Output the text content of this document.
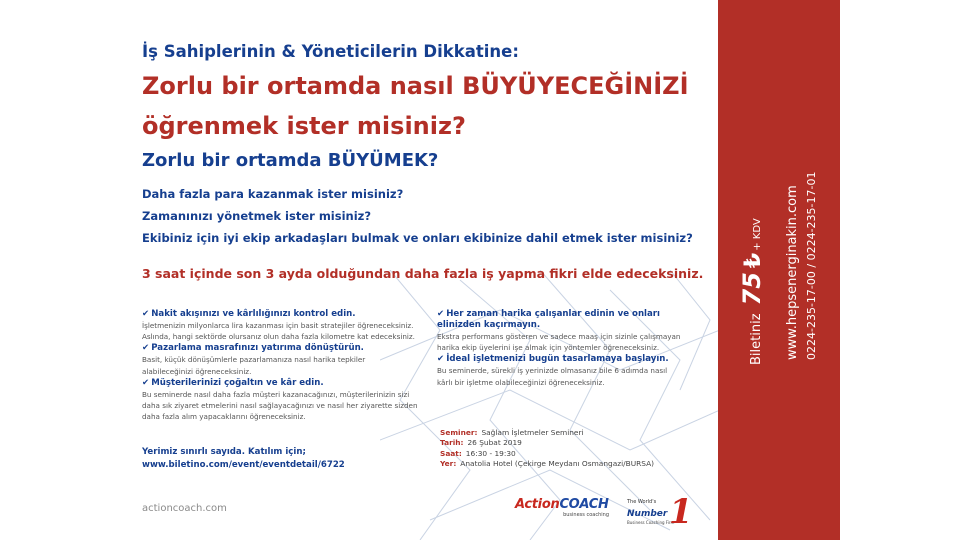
İş Sahiplerinin & Yöneticilerin Dikkatine:
Zorlu bir ortamda nasıl BÜYÜYECEĞİNİZİ
öğrenmek ister misiniz?
Zorlu bir ortamda BÜYÜMEK?
Daha fazla para kazanmak ister misiniz?
Zamanınızı yönetmek ister misiniz?
Ekibiniz için iyi ekip arkadaşları bulmak ve onları ekibinize dahil etmek ister misiniz?
3 saat içinde son 3 ayda olduğundan daha fazla iş yapma fikri elde edeceksiniz.
✔ Nakit akışınızı ve kârlılığınızı kontrol edin.
İşletmenizin milyonlarca lira kazanması için basit stratejiler öğreneceksiniz.
Aslında, hangi sektörde olursanız olun daha fazla kilometre kat edeceksiniz.
✔ Pazarlama masrafınızı yatırıma dönüştürün.
Basit, küçük dönüşümlerle pazarlamanıza nasıl harika tepkiler
alabileceğinizi öğreneceksiniz.
✔ Müşterilerinizi çoğaltın ve kâr edin.
Bu seminerde nasıl daha fazla müşteri kazanacağınızı, müşterilerinizin sizi
daha sık ziyaret etmelerini nasıl sağlayacağınızı ve nasıl her ziyarette sizden
daha fazla alım yapacaklarını öğreneceksiniz.
Yerimiz sınırlı sayıda. Katılım için;
www.biletino.com/event/eventdetail/6722
✔ Her zaman harika çalışanlar edinin ve onları
elinizden kaçırmayın.
Ekstra performans gösteren ve sadece maaş için sizinle çalışmayan
harika ekip üyelerini işe almak için yöntemler öğreneceksiniz.
✔ İdeal işletmenizi bugün tasarlamaya başlayın.
Bu seminerde, sürekli iş yerinizde olmasanız bile 6 adımda nasıl
kârlı bir işletme olabileceğinizi öğreneceksiniz.
Seminer: Sağlam İşletmeler Semineri
Tarih: 26 Şubat 2019
Saat: 16:30 - 19:30
Yer: Anatolia Hotel (Çekirge Meydanı Osmangazi/BURSA)
actioncoach.com	ActionCOACH
business coaching
The World's
Number
Business Coaching Firm
1
Biletiniz75₺+ KDV www.hepsenerginakin.com 0224-235-17-00 / 0224-235-17-01
